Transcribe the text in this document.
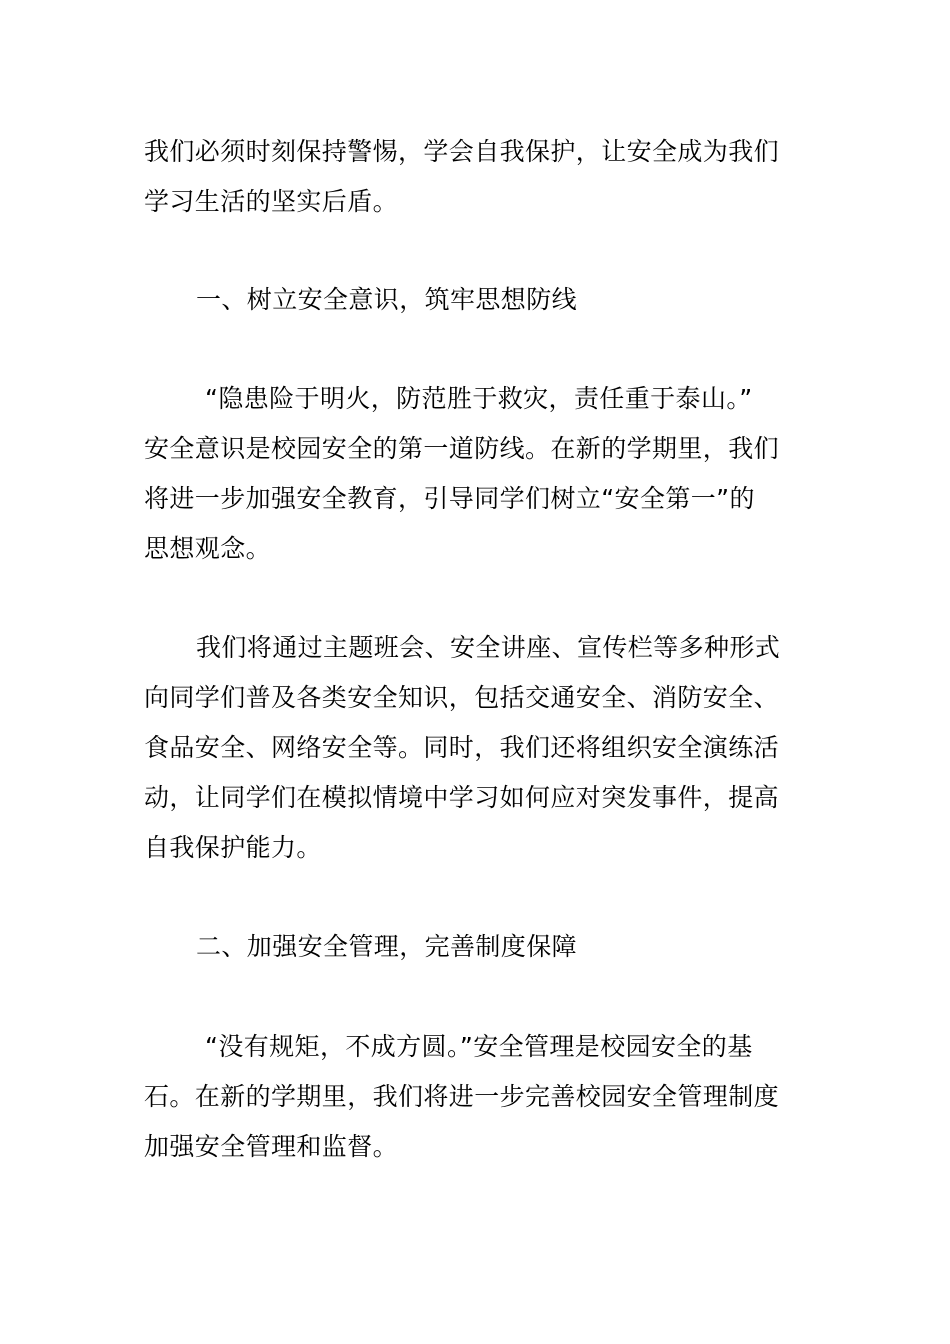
我们必须时刻保持警惕，学会自我保护，让安全成为我们
学习生活的坚实后盾。
一、树立安全意识，筑牢思想防线
“隐患险于明火，防范胜于救灾，责任重于泰山。”
安全意识是校园安全的第一道防线。在新的学期里，我们
将进一步加强安全教育，引导同学们树立“安全第一”的
思想观念。
我们将通过主题班会、安全讲座、宣传栏等多种形式
向同学们普及各类安全知识，包括交通安全、消防安全、
食品安全、网络安全等。同时，我们还将组织安全演练活
动，让同学们在模拟情境中学习如何应对突发事件，提高
自我保护能力。
二、加强安全管理，完善制度保障
“没有规矩，不成方圆。”安全管理是校园安全的基
石。在新的学期里，我们将进一步完善校园安全管理制度
加强安全管理和监督。
